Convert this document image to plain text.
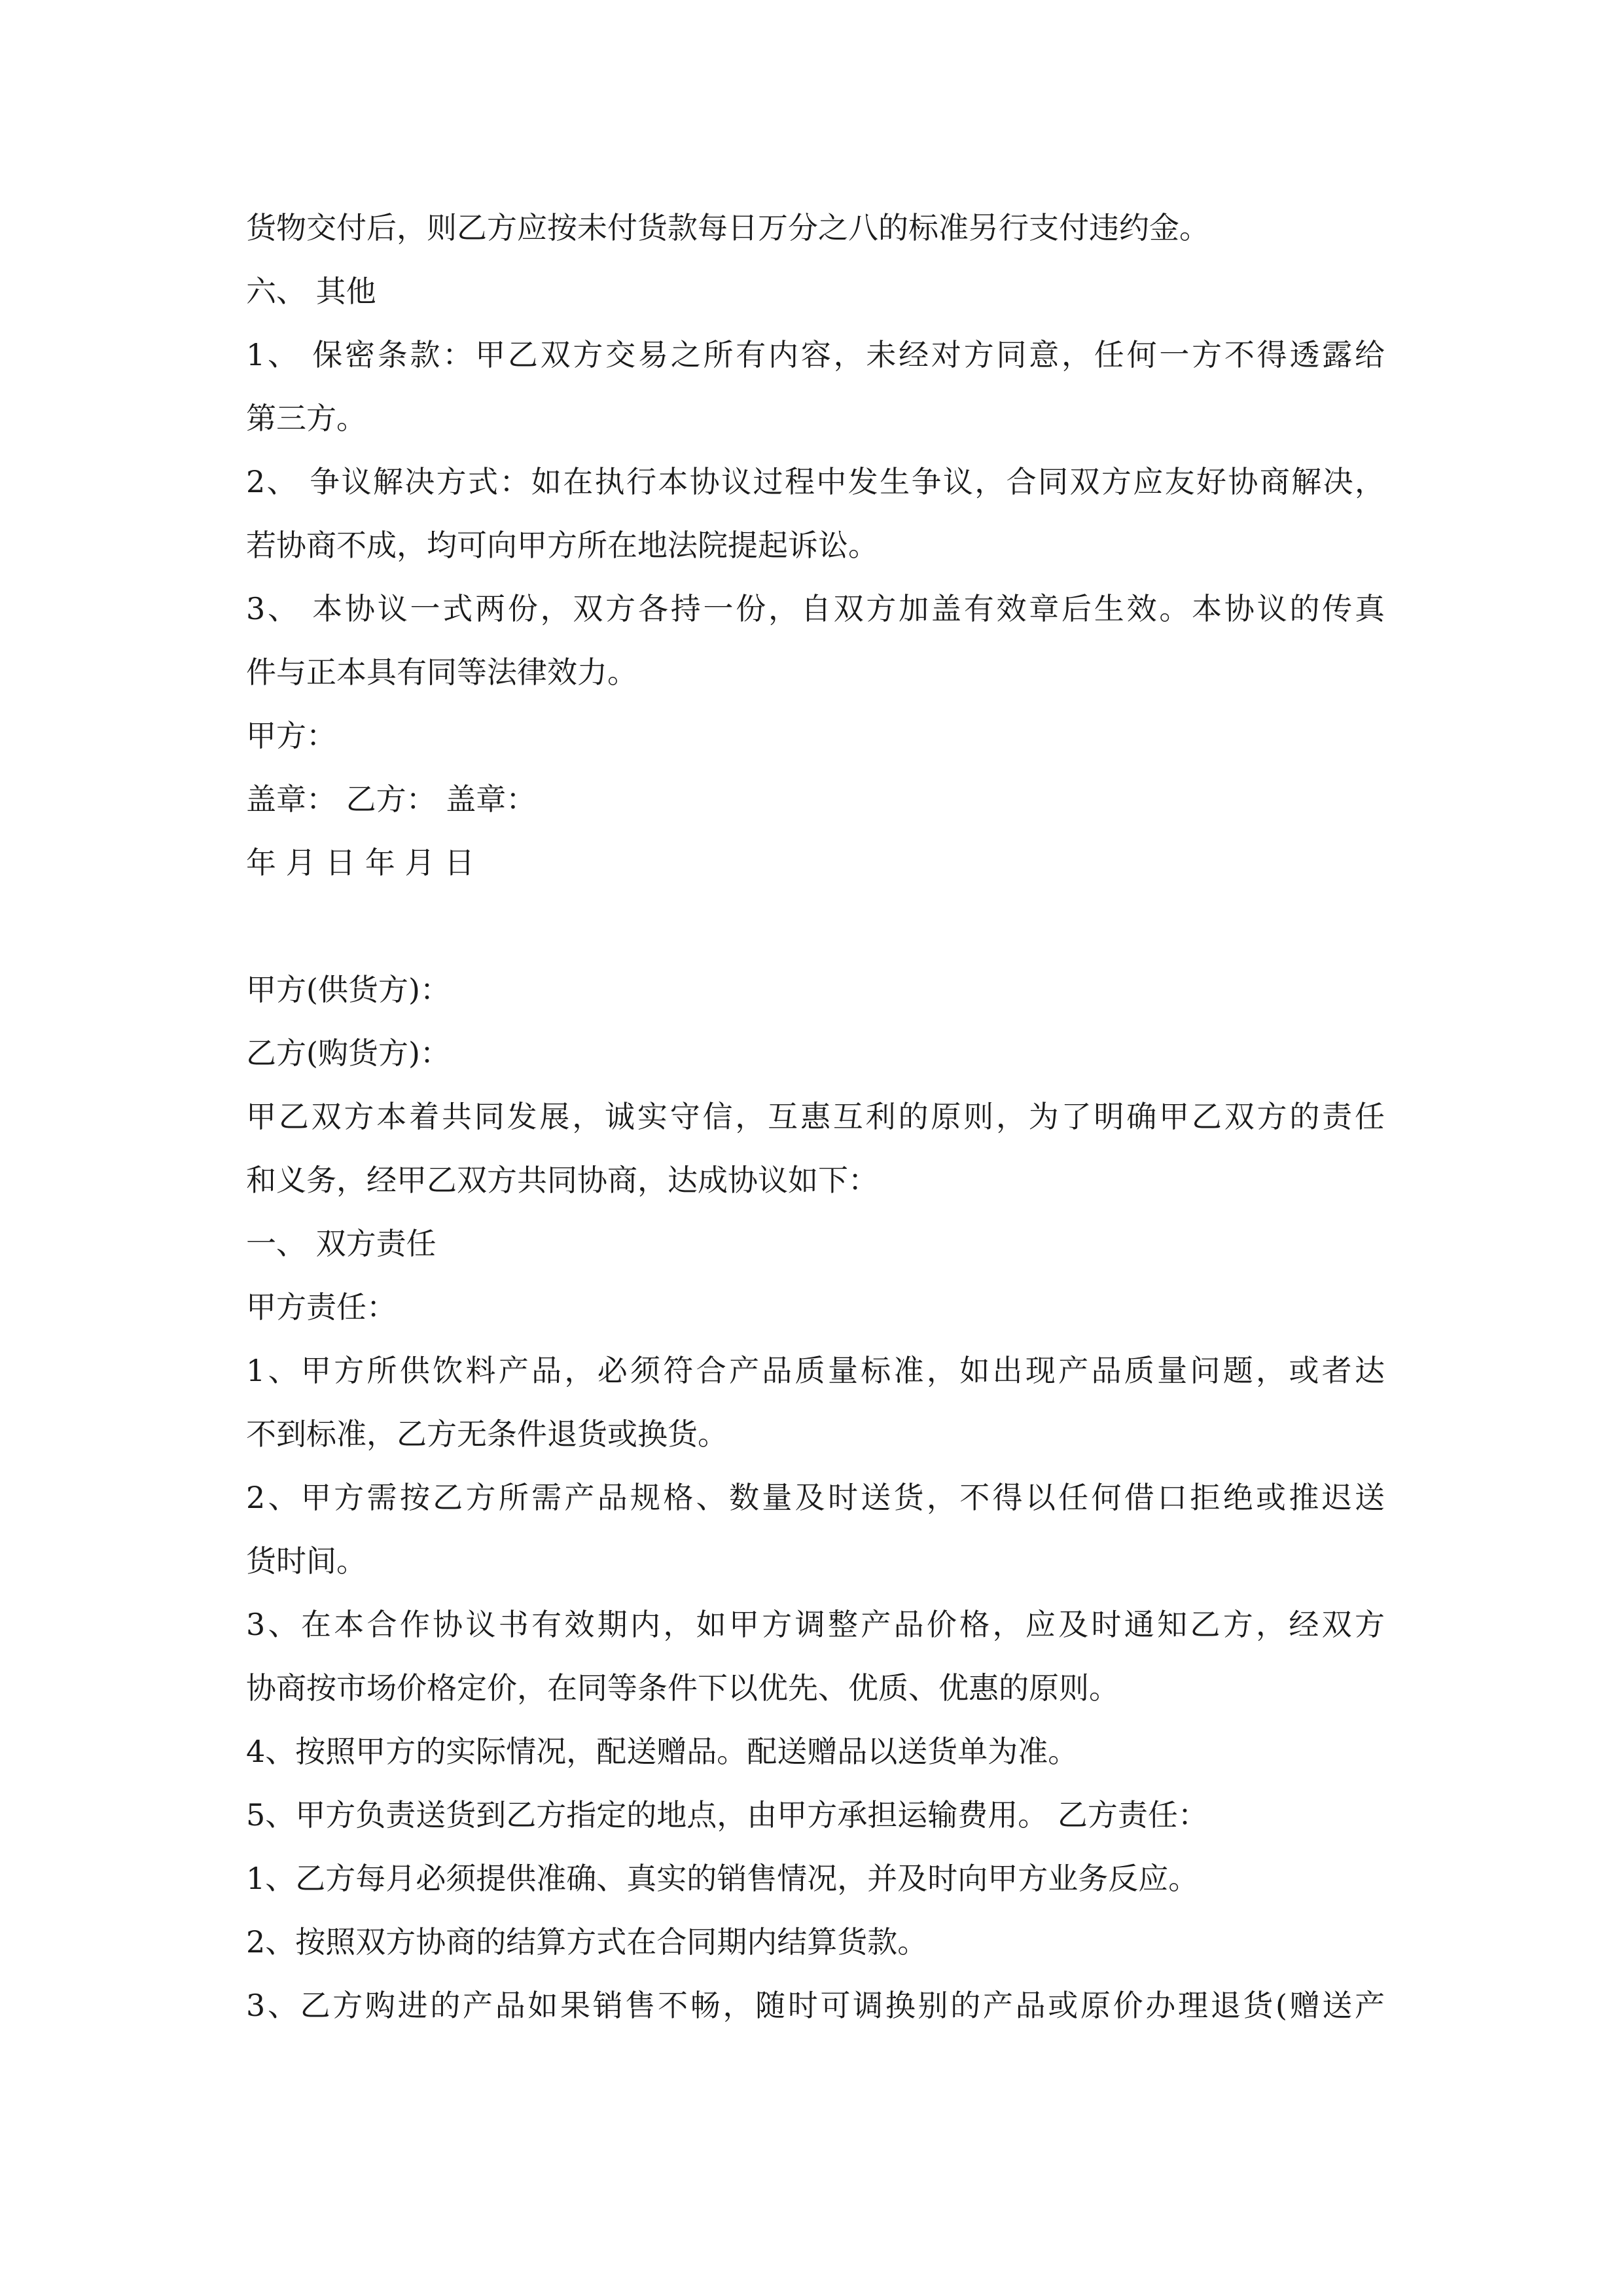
货物交付后，则乙方应按未付货款每日万分之八的标准另行支付违约金。
六、 其他
1、 保密条款：甲乙双方交易之所有内容，未经对方同意，任何一方不得透露给
第三方。
2、 争议解决方式：如在执行本协议过程中发生争议，合同双方应友好协商解决，
若协商不成，均可向甲方所在地法院提起诉讼。
3、 本协议一式两份，双方各持一份，自双方加盖有效章后生效。本协议的传真
件与正本具有同等法律效力。
甲方：
盖章： 乙方： 盖章：
年 月 日 年 月 日
甲方(供货方)：
乙方(购货方)：
甲乙双方本着共同发展，诚实守信，互惠互利的原则，为了明确甲乙双方的责任
和义务，经甲乙双方共同协商，达成协议如下：
一、 双方责任
甲方责任：
1、甲方所供饮料产品，必须符合产品质量标准，如出现产品质量问题，或者达
不到标准，乙方无条件退货或换货。
2、甲方需按乙方所需产品规格、数量及时送货，不得以任何借口拒绝或推迟送
货时间。
3、在本合作协议书有效期内，如甲方调整产品价格，应及时通知乙方，经双方
协商按市场价格定价，在同等条件下以优先、优质、优惠的原则。
4、按照甲方的实际情况，配送赠品。配送赠品以送货单为准。
5、甲方负责送货到乙方指定的地点，由甲方承担运输费用。 乙方责任：
1、乙方每月必须提供准确、真实的销售情况，并及时向甲方业务反应。
2、按照双方协商的结算方式在合同期内结算货款。
3、乙方购进的产品如果销售不畅，随时可调换别的产品或原价办理退货(赠送产
